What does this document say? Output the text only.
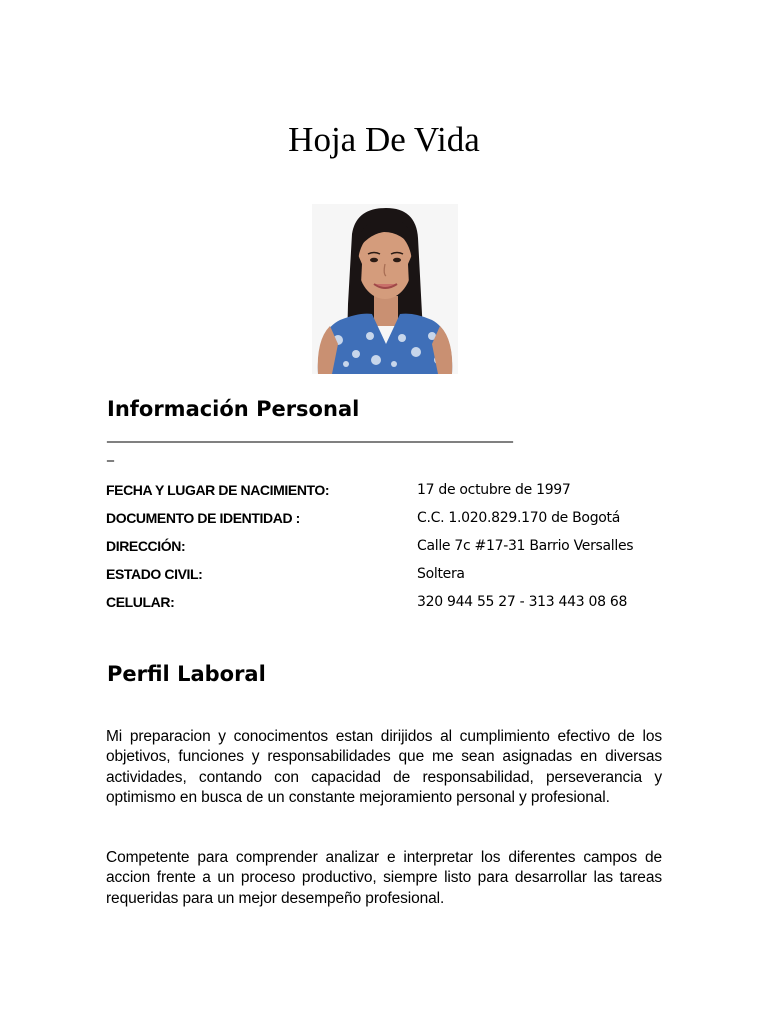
Hoja De Vida
Información Personal
__________________________________________________________
_
FECHA Y LUGAR DE NACIMIENTO:	17 de octubre de 1997
DOCUMENTO DE IDENTIDAD :	C.C. 1.020.829.170 de Bogotá
DIRECCIÓN:	Calle 7c #17-31 Barrio Versalles
ESTADO CIVIL:	Soltera
CELULAR:	320 944 55 27 - 313 443 08 68
Perfil Laboral

Mi preparacion y conocimentos estan dirijidos al cumplimiento efectivo de los objetivos, funciones y responsabilidades que me sean asignadas en diversas actividades, contando con capacidad de responsabilidad, perseverancia y optimismo en busca de un constante mejoramiento personal y profesional.

Competente para comprender analizar e interpretar los diferentes campos de accion frente a un proceso productivo, siempre listo para desarrollar las tareas requeridas para un mejor desempeño profesional.
